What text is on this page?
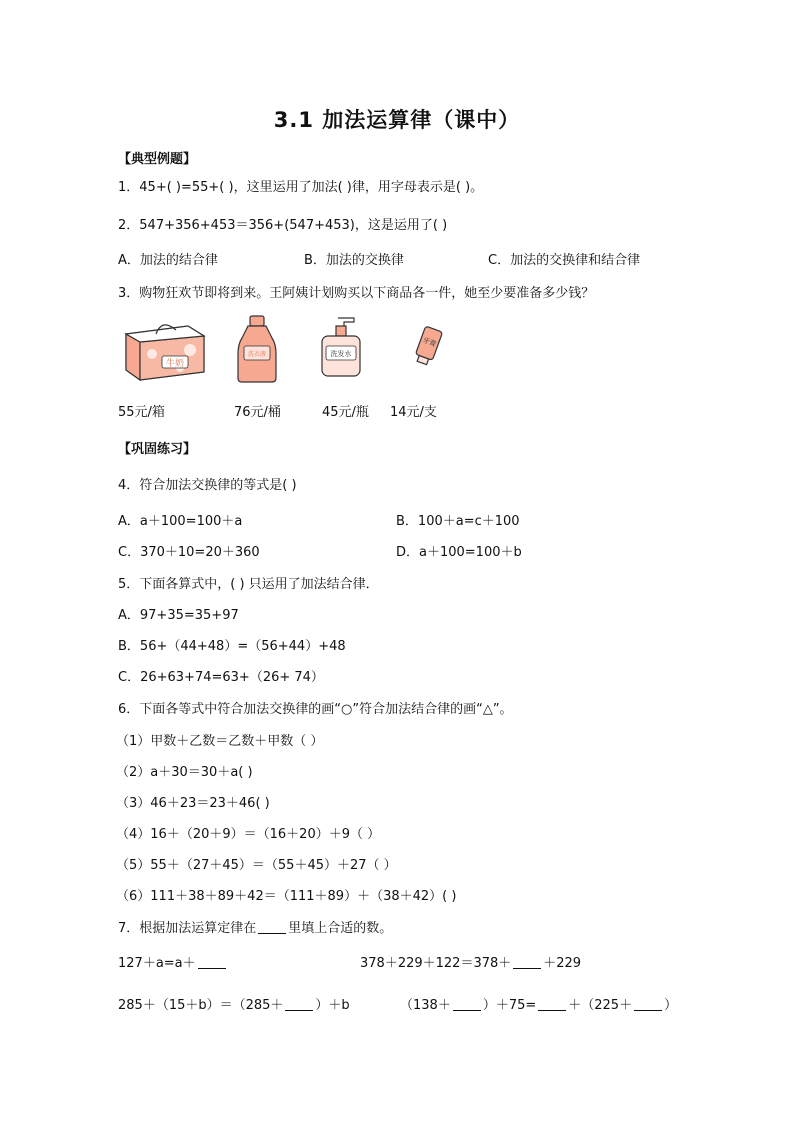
3.1 加法运算律（课中）
【典型例题】
1．45+( )=55+( )，这里运用了加法( )律，用字母表示是( )。
2．547+356+453＝356+(547+453)，这是运用了( )
A．加法的结合律	B．加法的交换律	C．加法的交换律和结合律
3．购物狂欢节即将到来。王阿姨计划购买以下商品各一件，她至少要准备多少钱？
牛奶
洗衣液	洗发水
牙膏
55元/箱	76元/桶	45元/瓶 14元/支
【巩固练习】
4．符合加法交换律的等式是( )
A．a＋100=100＋a	B．100＋a=c＋100
C．370＋10=20＋360	D．a＋100=100＋b
5．下面各算式中，( ) 只运用了加法结合律．
A．97+35=35+97
B．56+（44+48）=（56+44）+48
C．26+63+74=63+（26+ 74）
6．下面各等式中符合加法交换律的画“○”符合加法结合律的画“△”。
（1）甲数＋乙数＝乙数＋甲数（ ）
（2）a＋30＝30＋a( )
（3）46＋23＝23＋46( )
（4）16＋（20＋9）＝（16＋20）＋9（ ）
（5）55＋（27＋45）＝（55＋45）＋27（ ）
（6）111＋38＋89＋42＝（111＋89）＋（38＋42）( )
7．根据加法运算定律在 里填上合适的数。
127＋a=a＋	378＋229＋122＝378＋ ＋229
285＋（15＋b）＝（285＋ ）＋b	（138＋ ）＋75= ＋（225＋ ）
